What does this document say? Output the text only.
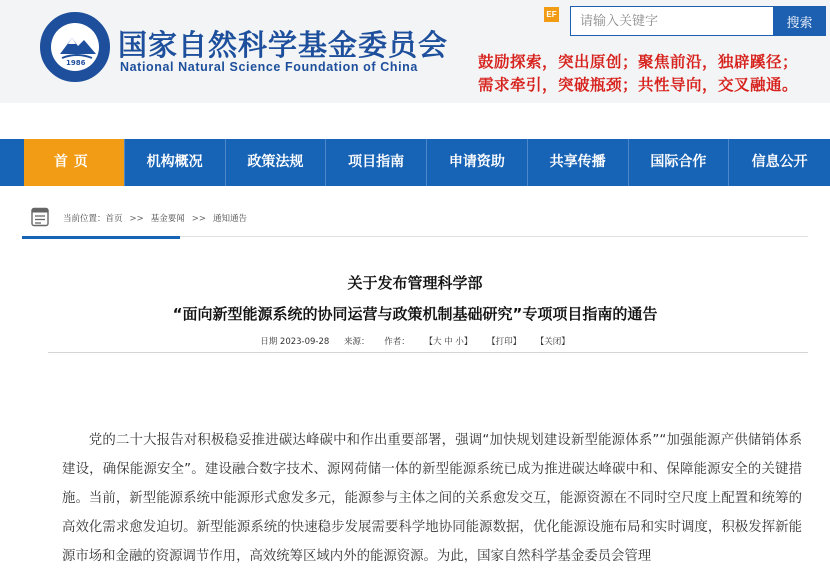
1986
国家自然科学基金委员会
National Natural Science Foundation of China
EF
请输入关键字
搜索
鼓励探索，突出原创；聚焦前沿，独辟蹊径；
需求牵引，突破瓶颈；共性导向，交叉融通。
首页	机构概况	政策法规	项目指南	申请资助	共享传播	国际合作	信息公开
当前位置：首页 >> 基金要闻 >> 通知通告
关于发布管理科学部
“面向新型能源系统的协同运营与政策机制基础研究”专项项目指南的通告
日期 2023-09-28 来源： 作者： 【大 中 小】 【打印】 【关闭】

党的二十大报告对积极稳妥推进碳达峰碳中和作出重要部署，强调“加快规划建设新型能源体系”“加强能源产供储销体系建设，确保能源安全”。建设融合数字技术、源网荷储一体的新型能源系统已成为推进碳达峰碳中和、保障能源安全的关键措施。当前，新型能源系统中能源形式愈发多元，能源参与主体之间的关系愈发交互，能源资源在不同时空尺度上配置和统筹的高效化需求愈发迫切。新型能源系统的快速稳步发展需要科学地协同能源数据，优化能源设施布局和实时调度，积极发挥新能源市场和金融的资源调节作用，高效统筹区域内外的能源资源。为此，国家自然科学基金委员会管理
